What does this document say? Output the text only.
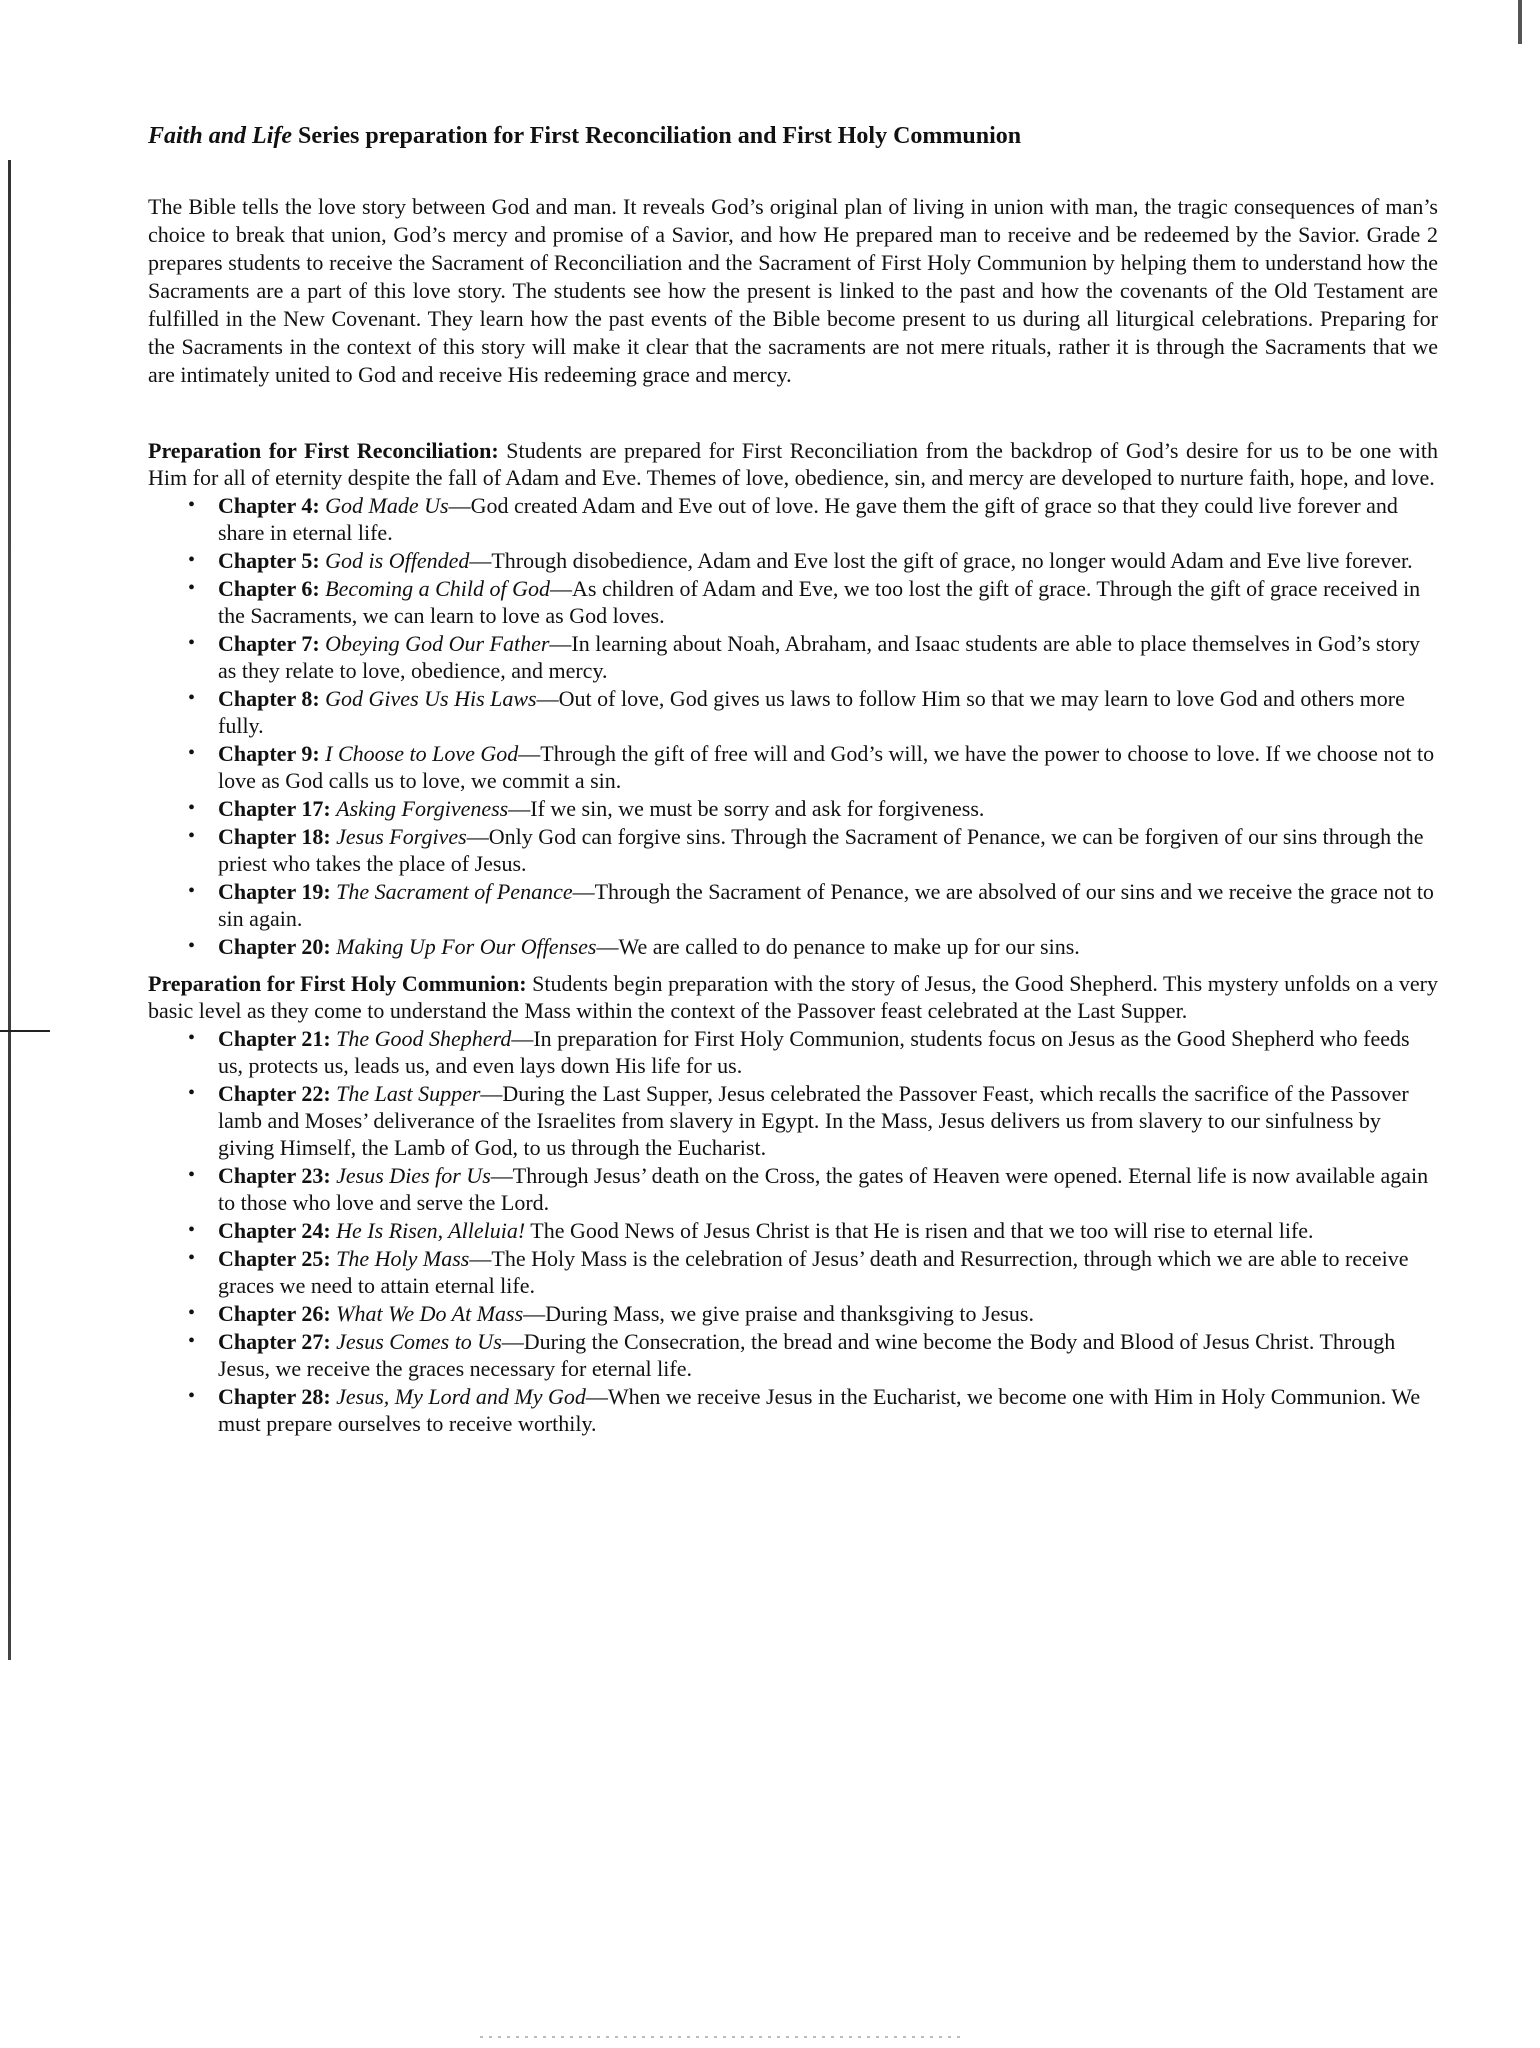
Faith and Life Series preparation for First Reconciliation and First Holy Communion

The Bible tells the love story between God and man. It reveals God’s original plan of living in union with man, the tragic consequences of man’s choice to break that union, God’s mercy and promise of a Savior, and how He prepared man to receive and be redeemed by the Savior. Grade 2 prepares students to receive the Sacrament of Reconciliation and the Sacrament of First Holy Communion by helping them to understand how the Sacraments are a part of this love story. The students see how the present is linked to the past and how the covenants of the Old Testament are fulfilled in the New Covenant. They learn how the past events of the Bible become present to us during all liturgical celebrations. Preparing for the Sacraments in the context of this story will make it clear that the sacraments are not mere rituals, rather it is through the Sacraments that we are intimately united to God and receive His redeeming grace and mercy.

Preparation for First Reconciliation: Students are prepared for First Reconciliation from the backdrop of God’s desire for us to be one with Him for all of eternity despite the fall of Adam and Eve. Themes of love, obedience, sin, and mercy are developed to nurture faith, hope, and love.

• Chapter 4: God Made Us—God created Adam and Eve out of love. He gave them the gift of grace so that they could live forever and share in eternal life.
• Chapter 5: God is Offended—Through disobedience, Adam and Eve lost the gift of grace, no longer would Adam and Eve live forever.
• Chapter 6: Becoming a Child of God—As children of Adam and Eve, we too lost the gift of grace. Through the gift of grace received in the Sacraments, we can learn to love as God loves.
• Chapter 7: Obeying God Our Father—In learning about Noah, Abraham, and Isaac students are able to place themselves in God’s story as they relate to love, obedience, and mercy.
• Chapter 8: God Gives Us His Laws—Out of love, God gives us laws to follow Him so that we may learn to love God and others more fully.
• Chapter 9: I Choose to Love God—Through the gift of free will and God’s will, we have the power to choose to love. If we choose not to love as God calls us to love, we commit a sin.
• Chapter 17: Asking Forgiveness—If we sin, we must be sorry and ask for forgiveness.
• Chapter 18: Jesus Forgives—Only God can forgive sins. Through the Sacrament of Penance, we can be forgiven of our sins through the priest who takes the place of Jesus.
• Chapter 19: The Sacrament of Penance—Through the Sacrament of Penance, we are absolved of our sins and we receive the grace not to sin again.
• Chapter 20: Making Up For Our Offenses—We are called to do penance to make up for our sins.

Preparation for First Holy Communion: Students begin preparation with the story of Jesus, the Good Shepherd. This mystery unfolds on a very basic level as they come to understand the Mass within the context of the Passover feast celebrated at the Last Supper.

• Chapter 21: The Good Shepherd—In preparation for First Holy Communion, students focus on Jesus as the Good Shepherd who feeds us, protects us, leads us, and even lays down His life for us.
• Chapter 22: The Last Supper—During the Last Supper, Jesus celebrated the Passover Feast, which recalls the sacrifice of the Passover lamb and Moses’ deliverance of the Israelites from slavery in Egypt. In the Mass, Jesus delivers us from slavery to our sinfulness by giving Himself, the Lamb of God, to us through the Eucharist.
• Chapter 23: Jesus Dies for Us—Through Jesus’ death on the Cross, the gates of Heaven were opened. Eternal life is now available again to those who love and serve the Lord.
• Chapter 24: He Is Risen, Alleluia! The Good News of Jesus Christ is that He is risen and that we too will rise to eternal life.
• Chapter 25: The Holy Mass—The Holy Mass is the celebration of Jesus’ death and Resurrection, through which we are able to receive graces we need to attain eternal life.
• Chapter 26: What We Do At Mass—During Mass, we give praise and thanksgiving to Jesus.
• Chapter 27: Jesus Comes to Us—During the Consecration, the bread and wine become the Body and Blood of Jesus Christ. Through Jesus, we receive the graces necessary for eternal life.
• Chapter 28: Jesus, My Lord and My God—When we receive Jesus in the Eucharist, we become one with Him in Holy Communion. We must prepare ourselves to receive worthily.
